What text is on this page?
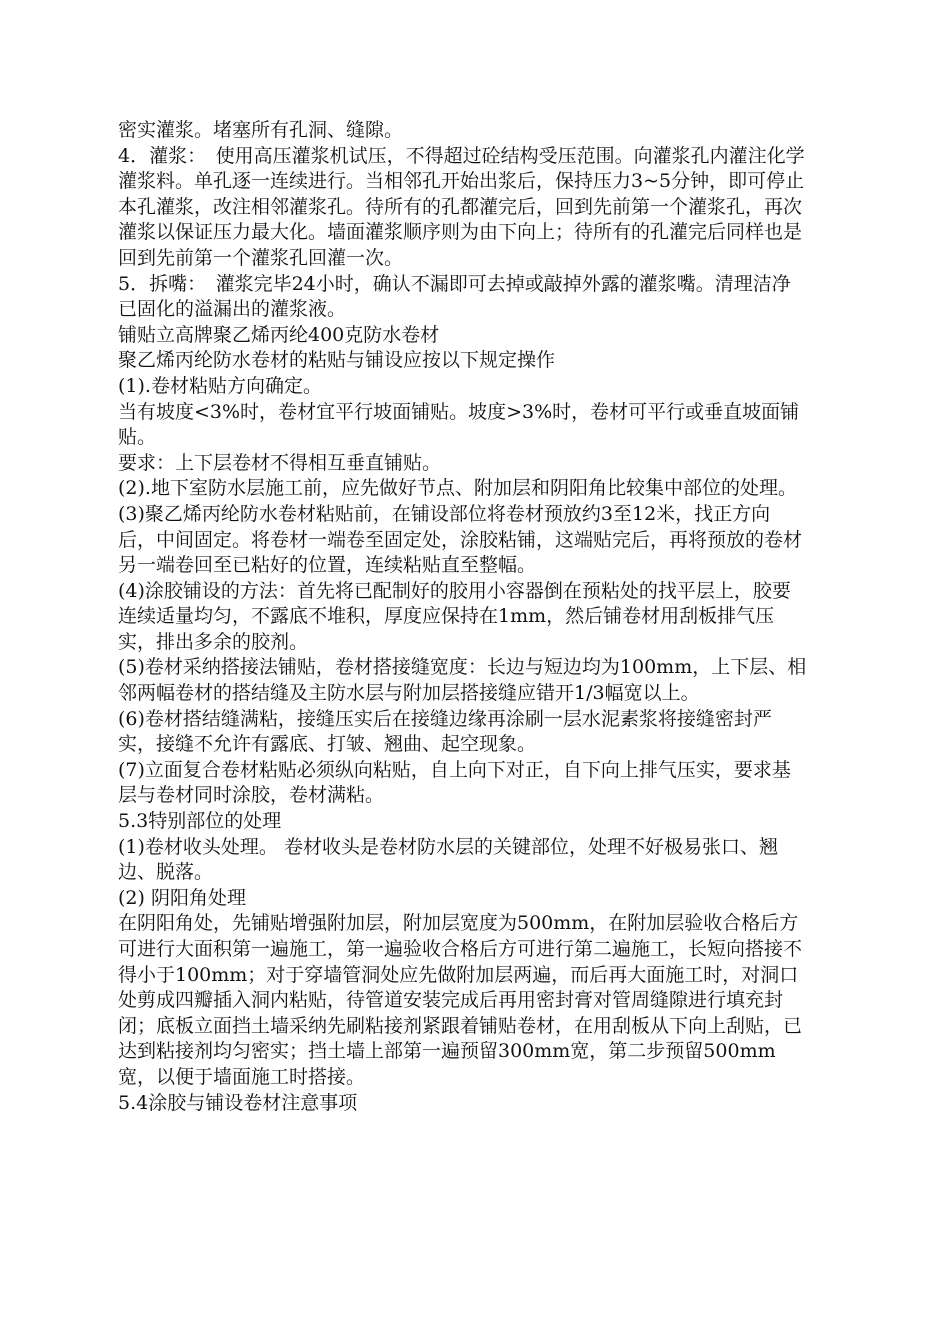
密实灌浆。堵塞所有孔洞、缝隙。

4．灌浆：　使用高压灌浆机试压，不得超过砼结构受压范围。向灌浆孔内灌注化学灌浆料。单孔逐一连续进行。当相邻孔开始出浆后，保持压力3~5分钟，即可停止本孔灌浆，改注相邻灌浆孔。待所有的孔都灌完后，回到先前第一个灌浆孔，再次灌浆以保证压力最大化。墙面灌浆顺序则为由下向上；待所有的孔灌完后同样也是回到先前第一个灌浆孔回灌一次。

5．拆嘴：　灌浆完毕24小时，确认不漏即可去掉或敲掉外露的灌浆嘴。清理洁净已固化的溢漏出的灌浆液。

铺贴立高牌聚乙烯丙纶400克防水卷材

聚乙烯丙纶防水卷材的粘贴与铺设应按以下规定操作

(1).卷材粘贴方向确定。

当有坡度<3%时，卷材宜平行坡面铺贴。坡度>3%时，卷材可平行或垂直坡面铺贴。

要求：上下层卷材不得相互垂直铺贴。

(2).地下室防水层施工前，应先做好节点、附加层和阴阳角比较集中部位的处理。

(3)聚乙烯丙纶防水卷材粘贴前，在铺设部位将卷材预放约3至12米，找正方向后，中间固定。将卷材一端卷至固定处，涂胶粘铺，这端贴完后，再将预放的卷材另一端卷回至已粘好的位置，连续粘贴直至整幅。

(4)涂胶铺设的方法：首先将已配制好的胶用小容器倒在预粘处的找平层上，胶要连续适量均匀，不露底不堆积，厚度应保持在1mm，然后铺卷材用刮板排气压实，排出多余的胶剂。

(5)卷材采纳搭接法铺贴，卷材搭接缝宽度：长边与短边均为100mm，上下层、相邻两幅卷材的搭结缝及主防水层与附加层搭接缝应错开1/3幅宽以上。

(6)卷材搭结缝满粘，接缝压实后在接缝边缘再涂刷一层水泥素浆将接缝密封严实，接缝不允许有露底、打皱、翘曲、起空现象。

(7)立面复合卷材粘贴必须纵向粘贴，自上向下对正，自下向上排气压实，要求基层与卷材同时涂胶，卷材满粘。

5.3特别部位的处理

(1)卷材收头处理。 卷材收头是卷材防水层的关键部位，处理不好极易张口、翘边、脱落。

(2) 阴阳角处理

在阴阳角处，先铺贴增强附加层，附加层宽度为500mm，在附加层验收合格后方可进行大面积第一遍施工，第一遍验收合格后方可进行第二遍施工，长短向搭接不得小于100mm；对于穿墙管洞处应先做附加层两遍，而后再大面施工时，对洞口处剪成四瓣插入洞内粘贴，待管道安装完成后再用密封膏对管周缝隙进行填充封闭；底板立面挡土墙采纳先刷粘接剂紧跟着铺贴卷材，在用刮板从下向上刮贴，已达到粘接剂均匀密实；挡土墙上部第一遍预留300mm宽，第二步预留500mm宽，以便于墙面施工时搭接。

5.4涂胶与铺设卷材注意事项
